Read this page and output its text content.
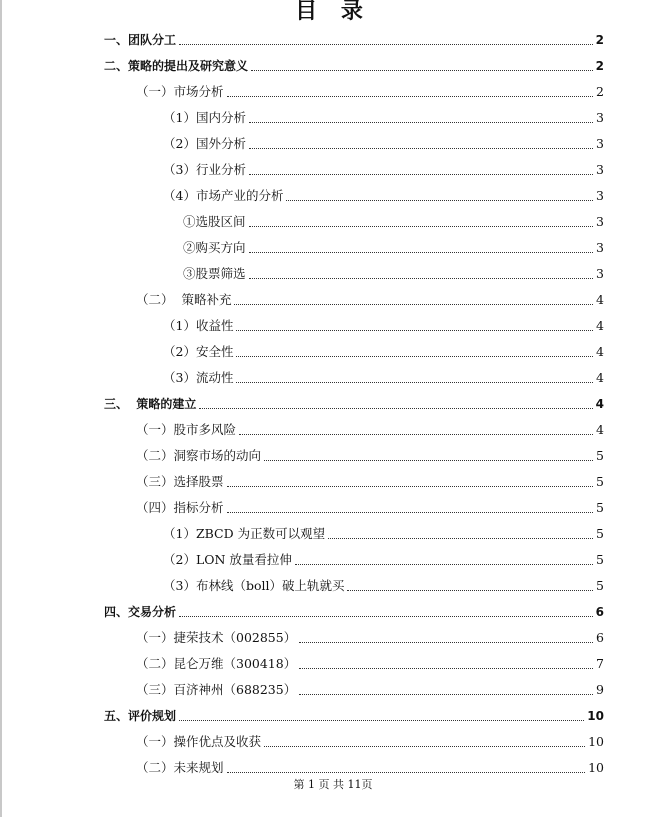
目 录
一、团队分工	2
二、策略的提出及研究意义	2
（一）市场分析	2
（1）国内分析	3
（2）国外分析	3
（3）行业分析	3
（4）市场产业的分析	3
①选股区间	3
②购买方向	3
③股票筛选	3
（二）  策略补充	4
（1）收益性	4
（2）安全性	4
（3）流动性	4
三、  策略的建立	4
（一）股市多风险	4
（二）洞察市场的动向	5
（三）选择股票	5
（四）指标分析	5
（1）ZBCD 为正数可以观望	5
（2）LON 放量看拉伸	5
（3）布林线（boll）破上轨就买	5
四、交易分析	6
（一）捷荣技术（002855）	6
（二）昆仑万维（300418）	7
（三）百济神州（688235）	9
五、评价规划	10
（一）操作优点及收获	10
（二）未来规划	10
第 1 页 共 11页
